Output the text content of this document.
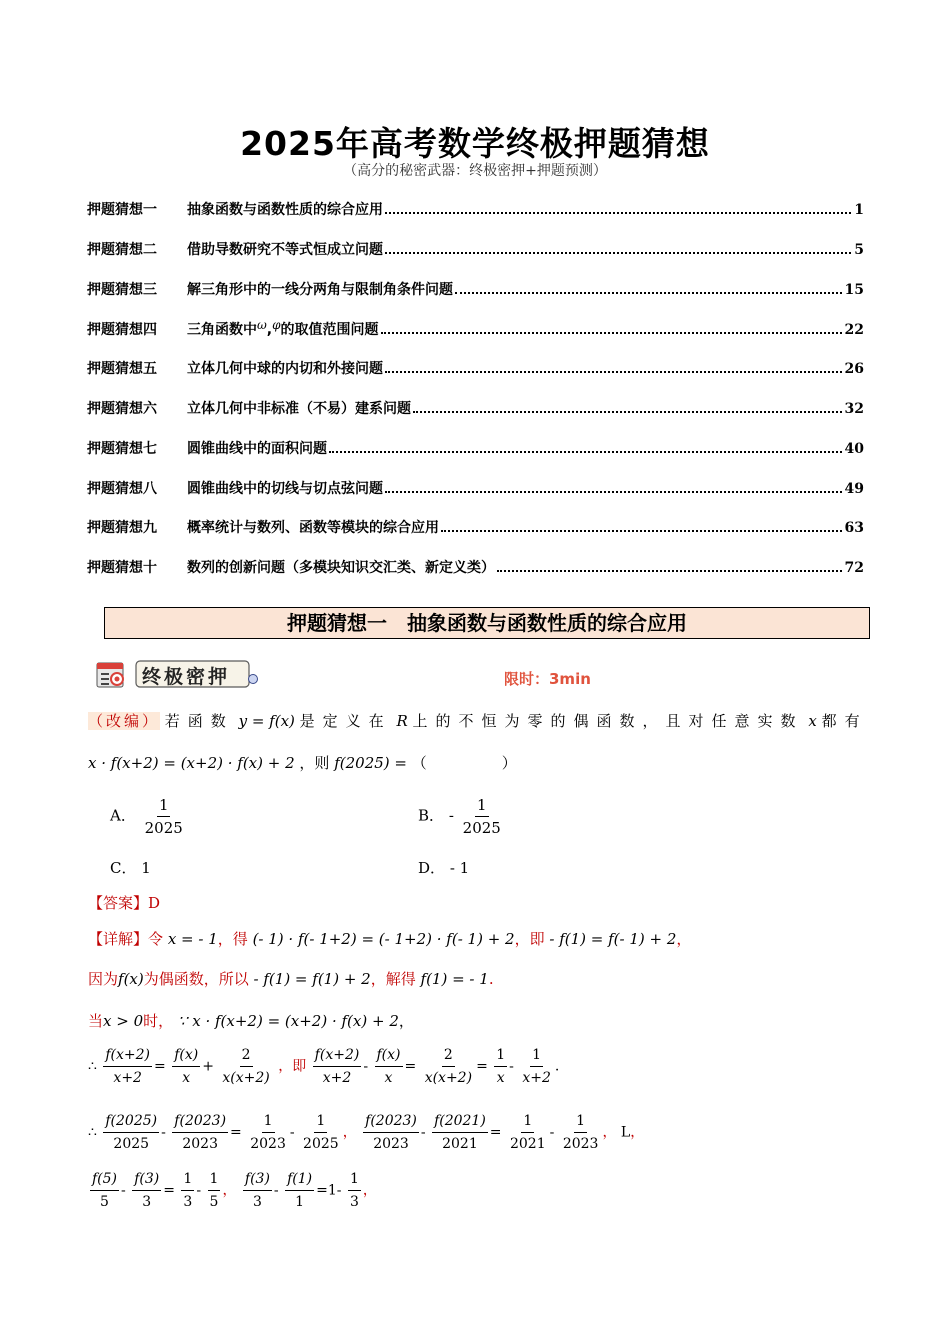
2025年高考数学终极押题猜想
（高分的秘密武器：终极密押+押题预测）
押题猜想一	抽象函数与函数性质的综合应用	1
押题猜想二	借助导数研究不等式恒成立问题	5
押题猜想三	解三角形中的一线分两角与限制角条件问题	15
押题猜想四	三角函数中ω,φ的取值范围问题	22
押题猜想五	立体几何中球的内切和外接问题	26
押题猜想六	立体几何中非标准（不易）建系问题	32
押题猜想七	圆锥曲线中的面积问题	40
押题猜想八	圆锥曲线中的切线与切点弦问题	49
押题猜想九	概率统计与数列、函数等模块的综合应用	63
押题猜想十	数列的创新问题（多模块知识交汇类、新定义类）	72
押题猜想一　抽象函数与函数性质的综合应用
终极密押	限时：3min
（改编） 若函数 y = f(x) 是定义在 R 上的不恒为零的偶函数，且对任意实数 x 都有
x · f(x+2) = (x+2) · f(x) + 2 ，则 f(2025) = （　　　　　）
A． $\frac{1}{2025}$	B． - $\frac{1}{2025}$
C． 1	D． - 1
【答案】D
【详解】令 x = - 1，得 (- 1) · f(- 1+2) = (- 1+2) · f(- 1) + 2，即 - f(1) = f(- 1) + 2，
因为f(x)为偶函数，所以 - f(1) = f(1) + 2，解得 f(1) = - 1.
当x > 0时， ∵ x · f(x+2) = (x+2) · f(x) + 2，
∴ $\frac{f(x+2)}{x+2} = \frac{f(x)}{x} + \frac{2}{x(x+2)}$ ，即 $\frac{f(x+2)}{x+2} - \frac{f(x)}{x} = \frac{2}{x(x+2)} = \frac{1}{x} - \frac{1}{x+2}$ .
∴ $\frac{f(2025)}{2025} - \frac{f(2023)}{2023} = \frac{1}{2023} - \frac{1}{2025}$ ， $\frac{f(2023)}{2023} - \frac{f(2021)}{2021} = \frac{1}{2021} - \frac{1}{2023}$ ， L，
$\frac{f(5)}{5} - \frac{f(3)}{3} = \frac{1}{3} - \frac{1}{5}$ ， $\frac{f(3)}{3} - \frac{f(1)}{1} =1- \frac{1}{3}$ ，
